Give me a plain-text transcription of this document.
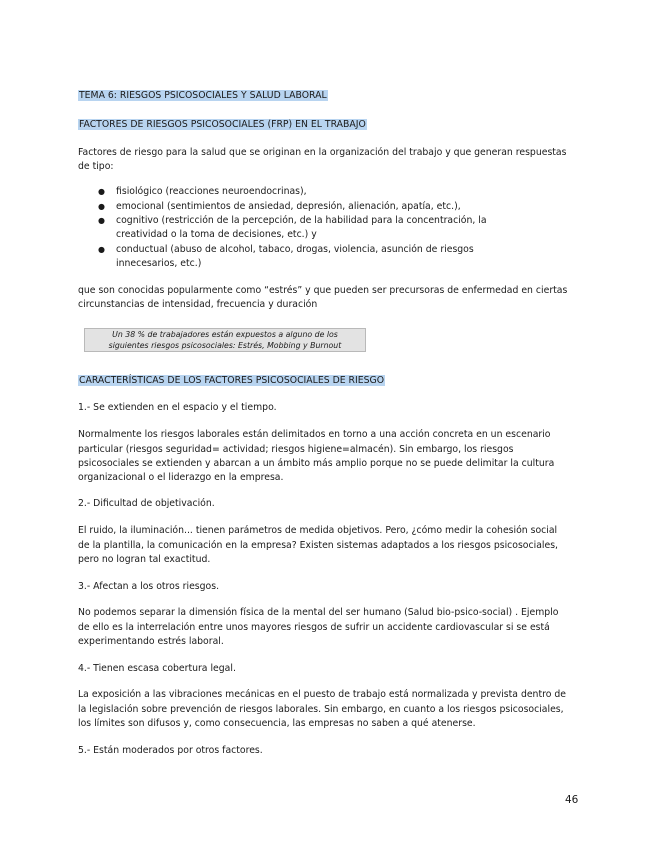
TEMA 6: RIESGOS PSICOSOCIALES Y SALUD LABORAL
FACTORES DE RIESGOS PSICOSOCIALES (FRP) EN EL TRABAJO
Factores de riesgo para la salud que se originan en la organización del trabajo y que generan respuestas
de tipo:
● fisiológico (reacciones neuroendocrinas),
● emocional (sentimientos de ansiedad, depresión, alienación, apatía, etc.),
● cognitivo (restricción de la percepción, de la habilidad para la concentración, la
creatividad o la toma de decisiones, etc.) y
● conductual (abuso de alcohol, tabaco, drogas, violencia, asunción de riesgos
innecesarios, etc.)
que son conocidas popularmente como “estrés” y que pueden ser precursoras de enfermedad en ciertas
circunstancias de intensidad, frecuencia y duración
Un 38 % de trabajadores están expuestos a alguno de los
siguientes riesgos psicosociales: Estrés, Mobbing y Burnout
CARACTERÍSTICAS DE LOS FACTORES PSICOSOCIALES DE RIESGO
1.- Se extienden en el espacio y el tiempo.
Normalmente los riesgos laborales están delimitados en torno a una acción concreta en un escenario
particular (riesgos seguridad= actividad; riesgos higiene=almacén). Sin embargo, los riesgos
psicosociales se extienden y abarcan a un ámbito más amplio porque no se puede delimitar la cultura
organizacional o el liderazgo en la empresa.
2.- Dificultad de objetivación.
El ruido, la iluminación... tienen parámetros de medida objetivos. Pero, ¿cómo medir la cohesión social
de la plantilla, la comunicación en la empresa? Existen sistemas adaptados a los riesgos psicosociales,
pero no logran tal exactitud.
3.- Afectan a los otros riesgos.
No podemos separar la dimensión física de la mental del ser humano (Salud bio-psico-social) . Ejemplo
de ello es la interrelación entre unos mayores riesgos de sufrir un accidente cardiovascular si se está
experimentando estrés laboral.
4.- Tienen escasa cobertura legal.
La exposición a las vibraciones mecánicas en el puesto de trabajo está normalizada y prevista dentro de
la legislación sobre prevención de riesgos laborales. Sin embargo, en cuanto a los riesgos psicosociales,
los límites son difusos y, como consecuencia, las empresas no saben a qué atenerse.
5.- Están moderados por otros factores.
46
